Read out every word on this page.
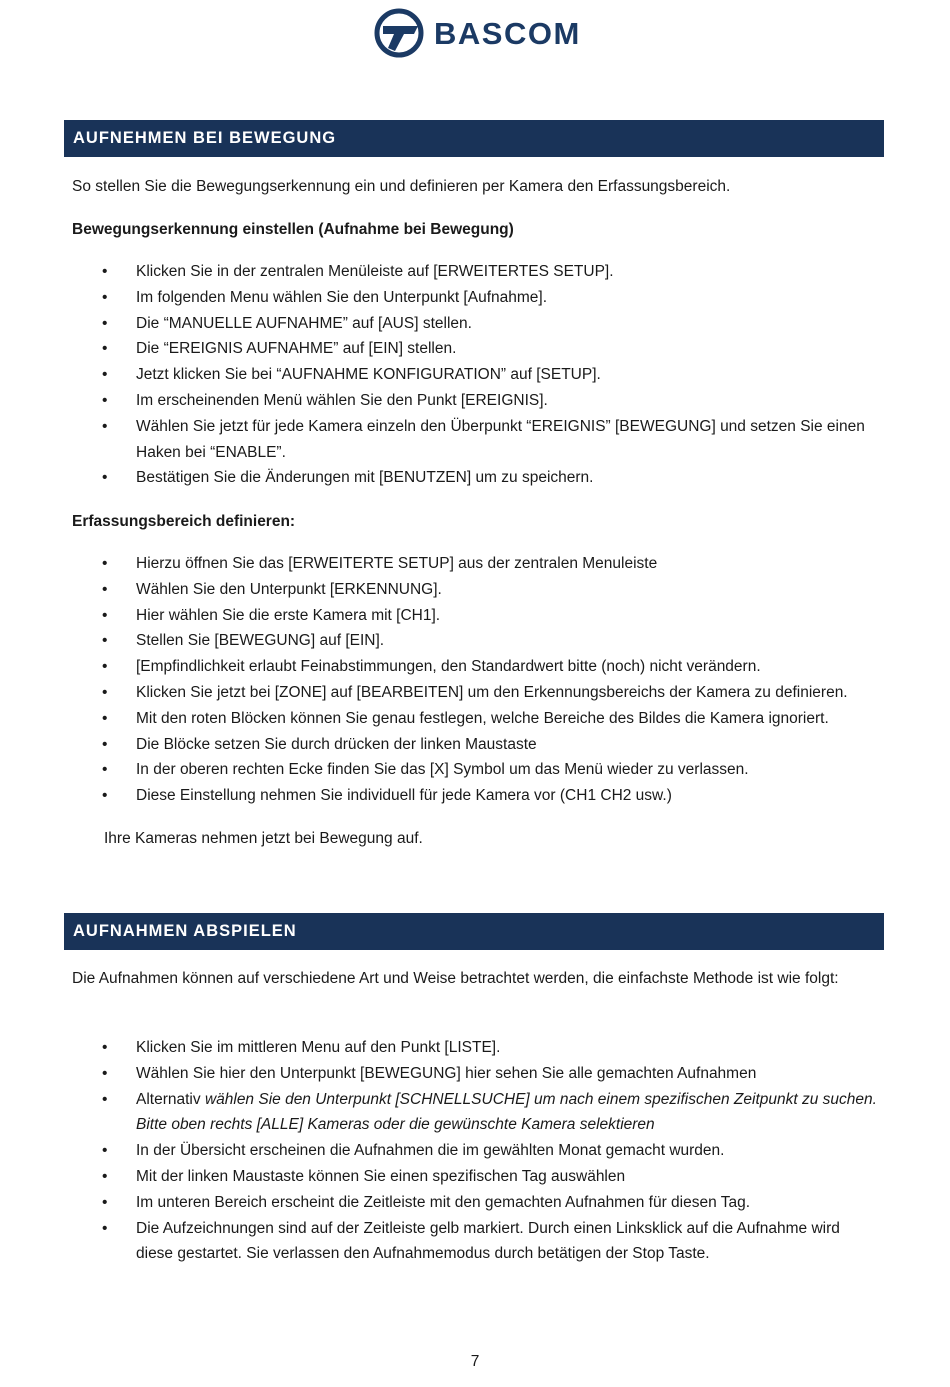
BASCOM
AUFNEHMEN BEI BEWEGUNG
So stellen Sie die Bewegungserkennung ein und definieren per Kamera den Erfassungsbereich.
Bewegungserkennung einstellen (Aufnahme bei Bewegung)
• Klicken Sie in der zentralen Menüleiste auf [ERWEITERTES SETUP].
• Im folgenden Menu wählen Sie den Unterpunkt [Aufnahme].
• Die “MANUELLE AUFNAHME” auf [AUS] stellen.
• Die “EREIGNIS AUFNAHME” auf [EIN] stellen.
• Jetzt klicken Sie bei “AUFNAHME KONFIGURATION” auf [SETUP].
• Im erscheinenden Menü wählen Sie den Punkt [EREIGNIS].
• Wählen Sie jetzt für jede Kamera einzeln den Überpunkt “EREIGNIS” [BEWEGUNG] und setzen Sie einen Haken bei “ENABLE”.
• Bestätigen Sie die Änderungen mit [BENUTZEN] um zu speichern.
Erfassungsbereich definieren:
• Hierzu öffnen Sie das [ERWEITERTE SETUP] aus der zentralen Menuleiste
• Wählen Sie den Unterpunkt [ERKENNUNG].
• Hier wählen Sie die erste Kamera mit [CH1].
• Stellen Sie [BEWEGUNG] auf [EIN].
• [Empfindlichkeit erlaubt Feinabstimmungen, den Standardwert bitte (noch) nicht verändern.
• Klicken Sie jetzt bei [ZONE] auf [BEARBEITEN] um den Erkennungsbereichs der Kamera zu definieren.
• Mit den roten Blöcken können Sie genau festlegen, welche Bereiche des Bildes die Kamera ignoriert.
• Die Blöcke setzen Sie durch drücken der linken Maustaste
• In der oberen rechten Ecke finden Sie das [X] Symbol um das Menü wieder zu verlassen.
• Diese Einstellung nehmen Sie individuell für jede Kamera vor (CH1 CH2 usw.)
Ihre Kameras nehmen jetzt bei Bewegung auf.
AUFNAHMEN ABSPIELEN
Die Aufnahmen können auf verschiedene Art und Weise betrachtet werden, die einfachste Methode ist wie folgt:
• Klicken Sie im mittleren Menu auf den Punkt [LISTE].
• Wählen Sie hier den Unterpunkt [BEWEGUNG] hier sehen Sie alle gemachten Aufnahmen
• Alternativ wählen Sie den Unterpunkt [SCHNELLSUCHE] um nach einem spezifischen Zeitpunkt zu suchen. Bitte oben rechts [ALLE] Kameras oder die gewünschte Kamera selektieren
• In der Übersicht erscheinen die Aufnahmen die im gewählten Monat gemacht wurden.
• Mit der linken Maustaste können Sie einen spezifischen Tag auswählen
• Im unteren Bereich erscheint die Zeitleiste mit den gemachten Aufnahmen für diesen Tag.
• Die Aufzeichnungen sind auf der Zeitleiste gelb markiert. Durch einen Linksklick auf die Aufnahme wird diese gestartet. Sie verlassen den Aufnahmemodus durch betätigen der Stop Taste.
7
